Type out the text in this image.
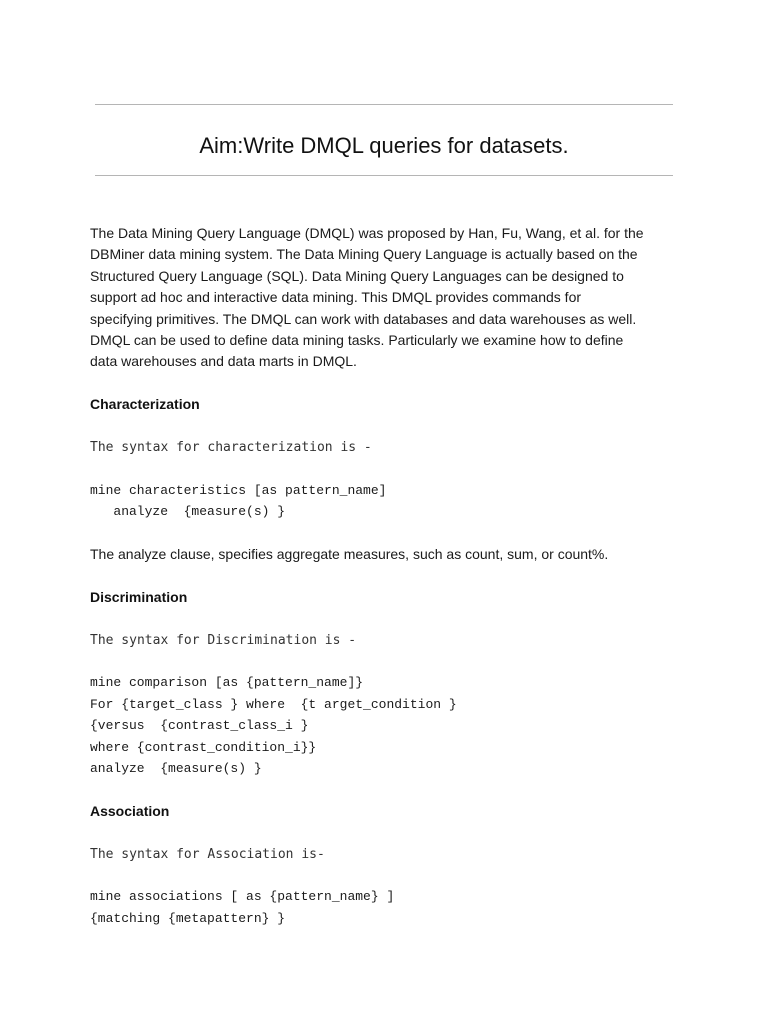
Aim:Write DMQL queries for datasets.

The Data Mining Query Language (DMQL) was proposed by Han, Fu, Wang, et al. for the

DBMiner data mining system. The Data Mining Query Language is actually based on the

Structured Query Language (SQL). Data Mining Query Languages can be designed to

support ad hoc and interactive data mining. This DMQL provides commands for

specifying primitives. The DMQL can work with databases and data warehouses as well.

DMQL can be used to define data mining tasks. Particularly we examine how to define

data warehouses and data marts in DMQL.

Characterization

The syntax for characterization is -

mine characteristics [as pattern_name]

analyze  {measure(s) }

The analyze clause, specifies aggregate measures, such as count, sum, or count%.

Discrimination

The syntax for Discrimination is -

mine comparison [as {pattern_name]}

For {target_class } where  {t arget_condition }

{versus  {contrast_class_i }

where {contrast_condition_i}}

analyze  {measure(s) }

Association

The syntax for Association is-

mine associations [ as {pattern_name} ]

{matching {metapattern} }
